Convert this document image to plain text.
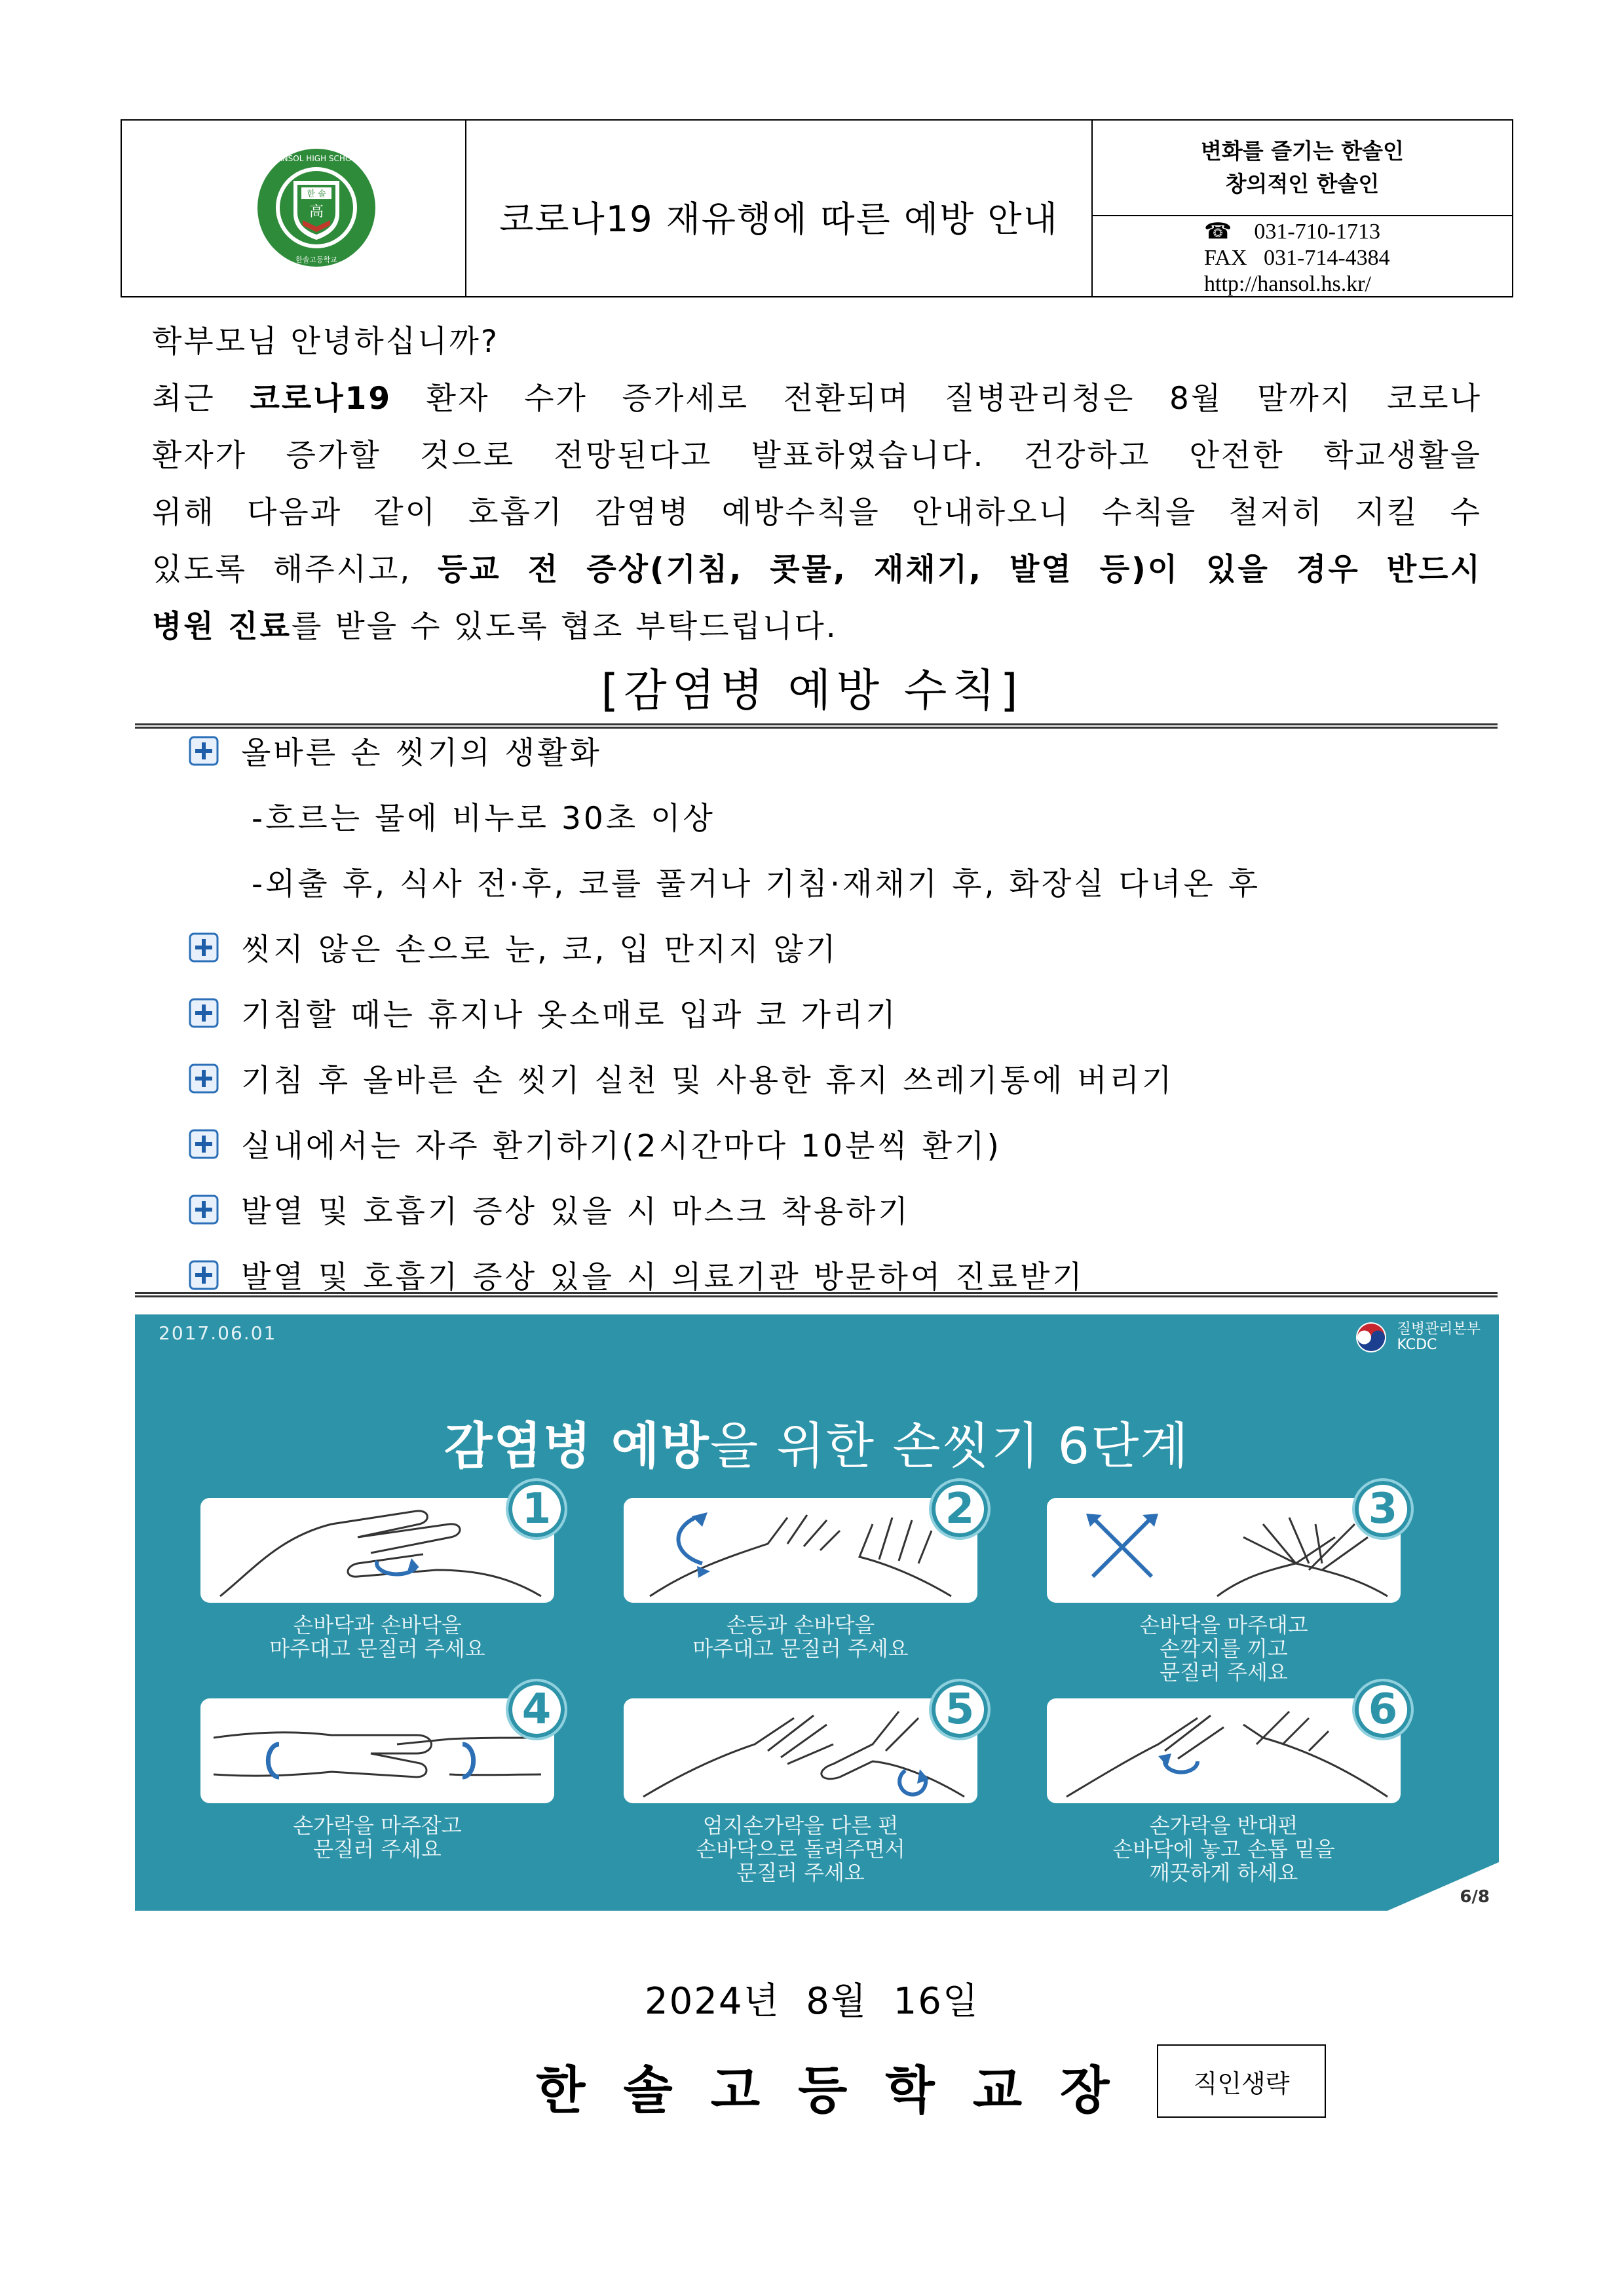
한 솔
高
HANSOL HIGH SCHOOL
한솔고등학교
코로나19 재유행에 따른 예방 안내
변화를 즐기는 한솔인
창의적인 한솔인
☎    031-710-1713
FAX 031-714-4384
http://hansol.hs.kr/

학부모님 안녕하십니까?

최근 코로나19 환자 수가 증가세로 전환되며 질병관리청은 8월 말까지 코로나

환자가 증가할 것으로 전망된다고 발표하였습니다. 건강하고 안전한 학교생활을

위해 다음과 같이 호흡기 감염병 예방수칙을 안내하오니 수칙을 철저히 지킬 수

있도록 해주시고, 등교 전 증상(기침, 콧물, 재채기, 발열 등)이 있을 경우 반드시

병원 진료를 받을 수 있도록 협조 부탁드립니다.

[감염병 예방 수칙]
올바른 손 씻기의 생활화
-흐르는 물에 비누로 30초 이상
-외출 후, 식사 전·후, 코를 풀거나 기침·재채기 후, 화장실 다녀온 후
씻지 않은 손으로 눈, 코, 입 만지지 않기
기침할 때는 휴지나 옷소매로 입과 코 가리기
기침 후 올바른 손 씻기 실천 및 사용한 휴지 쓰레기통에 버리기
실내에서는 자주 환기하기(2시간마다 10분씩 환기)
발열 및 호흡기 증상 있을 시 마스크 착용하기
발열 및 호흡기 증상 있을 시 의료기관 방문하여 진료받기
2017.06.01	질병관리본부
KCDC
감염병 예방을 위한 손씻기 6단계
1
손바닥과 손바닥을
마주대고 문질러 주세요
2
손등과 손바닥을
마주대고 문질러 주세요
3
손바닥을 마주대고
손깍지를 끼고
문질러 주세요
4
손가락을 마주잡고
문질러 주세요
5
엄지손가락을 다른 편
손바닥으로 돌려주면서
문질러 주세요
6
손가락을 반대편
손바닥에 놓고 손톱 밑을
깨끗하게 하세요
6/8
2024년  8월  16일
한솔고등학교장	직인생략
